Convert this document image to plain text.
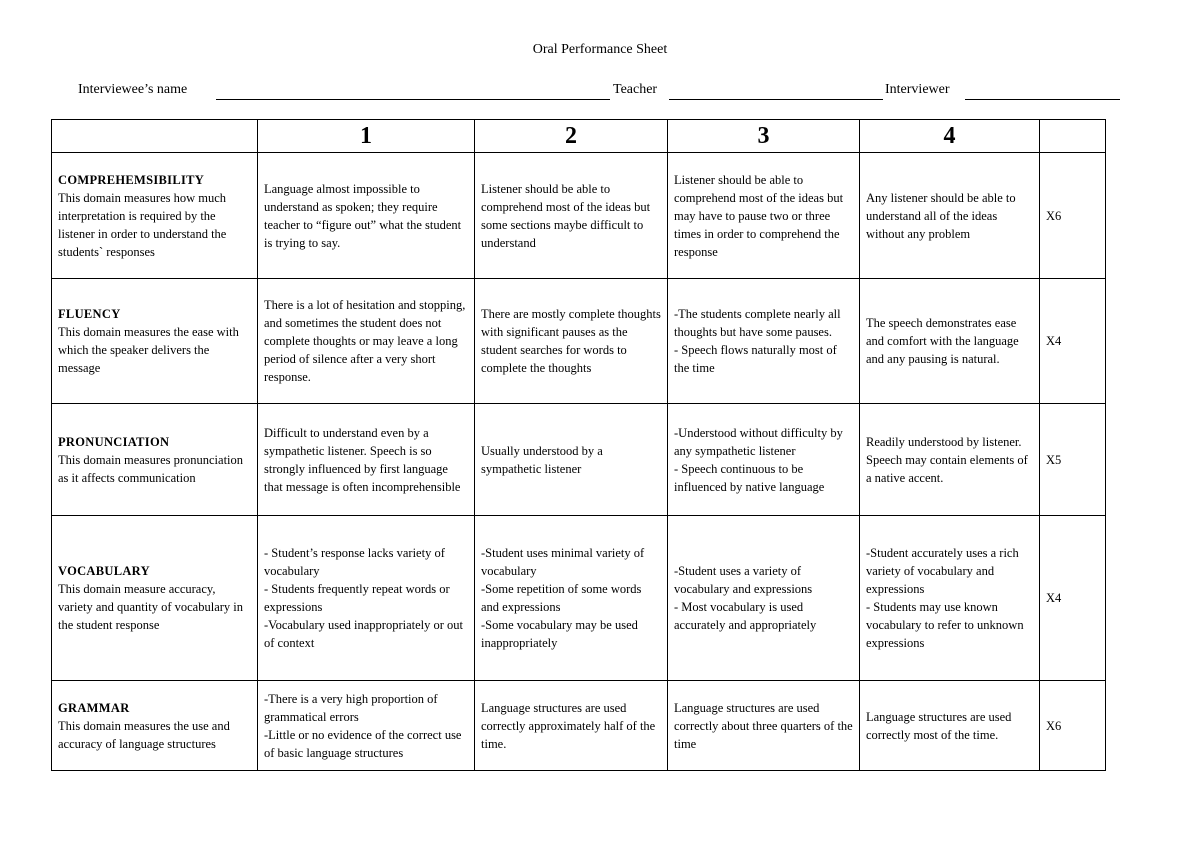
Oral Performance Sheet
Interviewee’s name	Teacher	Interviewer
	1	2	3	4	

COMPREHEMSIBILITY
This domain measures how much interpretation is required by the listener in order to understand the students` responses	Language almost impossible to understand as spoken; they require teacher to “figure out” what the student is trying to say.	Listener should be able to comprehend most of the ideas but some sections maybe difficult to understand	Listener should be able to comprehend most of the ideas but may have to pause two or three times in order to comprehend the response	Any listener should be able to understand all of the ideas without any problem	X6

FLUENCY
This domain measures the ease with which the speaker delivers the message	There is a lot of hesitation and stopping, and sometimes the student does not complete thoughts or may leave a long period of silence after a very short response.	There are mostly complete thoughts with significant pauses as the student searches for words to complete the thoughts	-The students complete nearly all thoughts but have some pauses.
- Speech flows naturally most of the time	The speech demonstrates ease and comfort with the language and any pausing is natural.	X4

PRONUNCIATION
This domain measures pronunciation as it affects communication	Difficult to understand even by a sympathetic listener. Speech is so strongly influenced by first language that message is often incomprehensible	Usually understood by a sympathetic listener	-Understood without difficulty by any sympathetic listener
- Speech continuous to be influenced by native language	Readily understood by listener. Speech may contain elements of a native accent.	X5

VOCABULARY
This domain measure accuracy, variety and quantity of vocabulary in the student response	- Student’s response lacks variety of vocabulary
- Students frequently repeat words or expressions
-Vocabulary used inappropriately or out of context	-Student uses minimal variety of vocabulary
-Some repetition of some words and expressions
-Some vocabulary may be used inappropriately	-Student uses a variety of vocabulary and expressions
- Most vocabulary is used accurately and appropriately	-Student accurately uses a rich variety of vocabulary and expressions
- Students may use known vocabulary to refer to unknown expressions	X4

GRAMMAR
This domain measures the use and accuracy of language structures	-There is a very high proportion of grammatical errors
-Little or no evidence of the correct use of basic language structures	Language structures are used correctly approximately half of the time.	Language structures are used correctly about three quarters of the time	Language structures are used correctly most of the time.	X6
